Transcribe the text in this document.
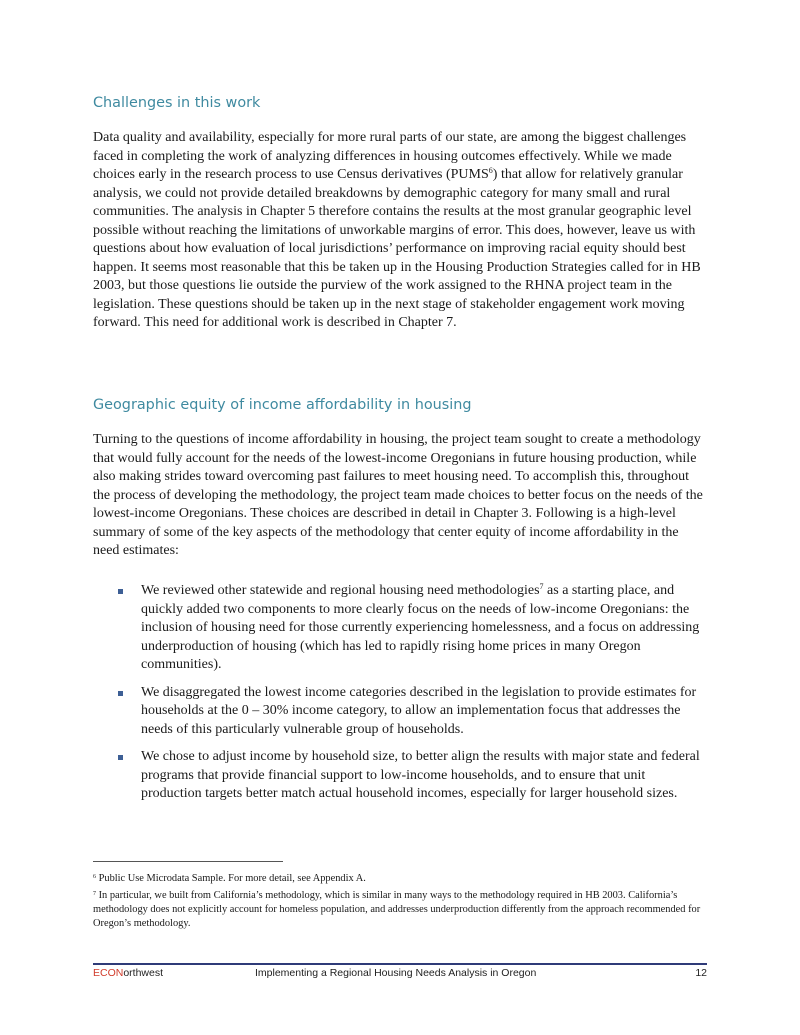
Challenges in this work

Data quality and availability, especially for more rural parts of our state, are among the biggest challenges faced in completing the work of analyzing differences in housing outcomes effectively. While we made choices early in the research process to use Census derivatives (PUMS$^6$) that allow for relatively granular analysis, we could not provide detailed breakdowns by demographic category for many small and rural communities. The analysis in Chapter 5 therefore contains the results at the most granular geographic level possible without reaching the limitations of unworkable margins of error. This does, however, leave us with questions about how evaluation of local jurisdictions’ performance on improving racial equity should best happen. It seems most reasonable that this be taken up in the Housing Production Strategies called for in HB 2003, but those questions lie outside the purview of the work assigned to the RHNA project team in the legislation. These questions should be taken up in the next stage of stakeholder engagement work moving forward. This need for additional work is described in Chapter 7.

Geographic equity of income affordability in housing

Turning to the questions of income affordability in housing, the project team sought to create a methodology that would fully account for the needs of the lowest-income Oregonians in future housing production, while also making strides toward overcoming past failures to meet housing need. To accomplish this, throughout the process of developing the methodology, the project team made choices to better focus on the needs of the lowest-income Oregonians. These choices are described in detail in Chapter 3. Following is a high-level summary of some of the key aspects of the methodology that center equity of income affordability in the need estimates:

We reviewed other statewide and regional housing need methodologies$^7$ as a starting place, and quickly added two components to more clearly focus on the needs of low-income Oregonians: the inclusion of housing need for those currently experiencing homelessness, and a focus on addressing underproduction of housing (which has led to rapidly rising home prices in many Oregon communities).
We disaggregated the lowest income categories described in the legislation to provide estimates for households at the 0 – 30% income category, to allow an implementation focus that addresses the needs of this particularly vulnerable group of households.
We chose to adjust income by household size, to better align the results with major state and federal programs that provide financial support to low-income households, and to ensure that unit production targets better match actual household incomes, especially for larger household sizes.

$^6$ Public Use Microdata Sample. For more detail, see Appendix A.

$^7$ In particular, we built from California’s methodology, which is similar in many ways to the methodology required in HB 2003. California’s methodology does not explicitly account for homeless population, and addresses underproduction differently from the approach recommended for Oregon’s methodology.

ECONorthwest	Implementing a Regional Housing Needs Analysis in Oregon	12
